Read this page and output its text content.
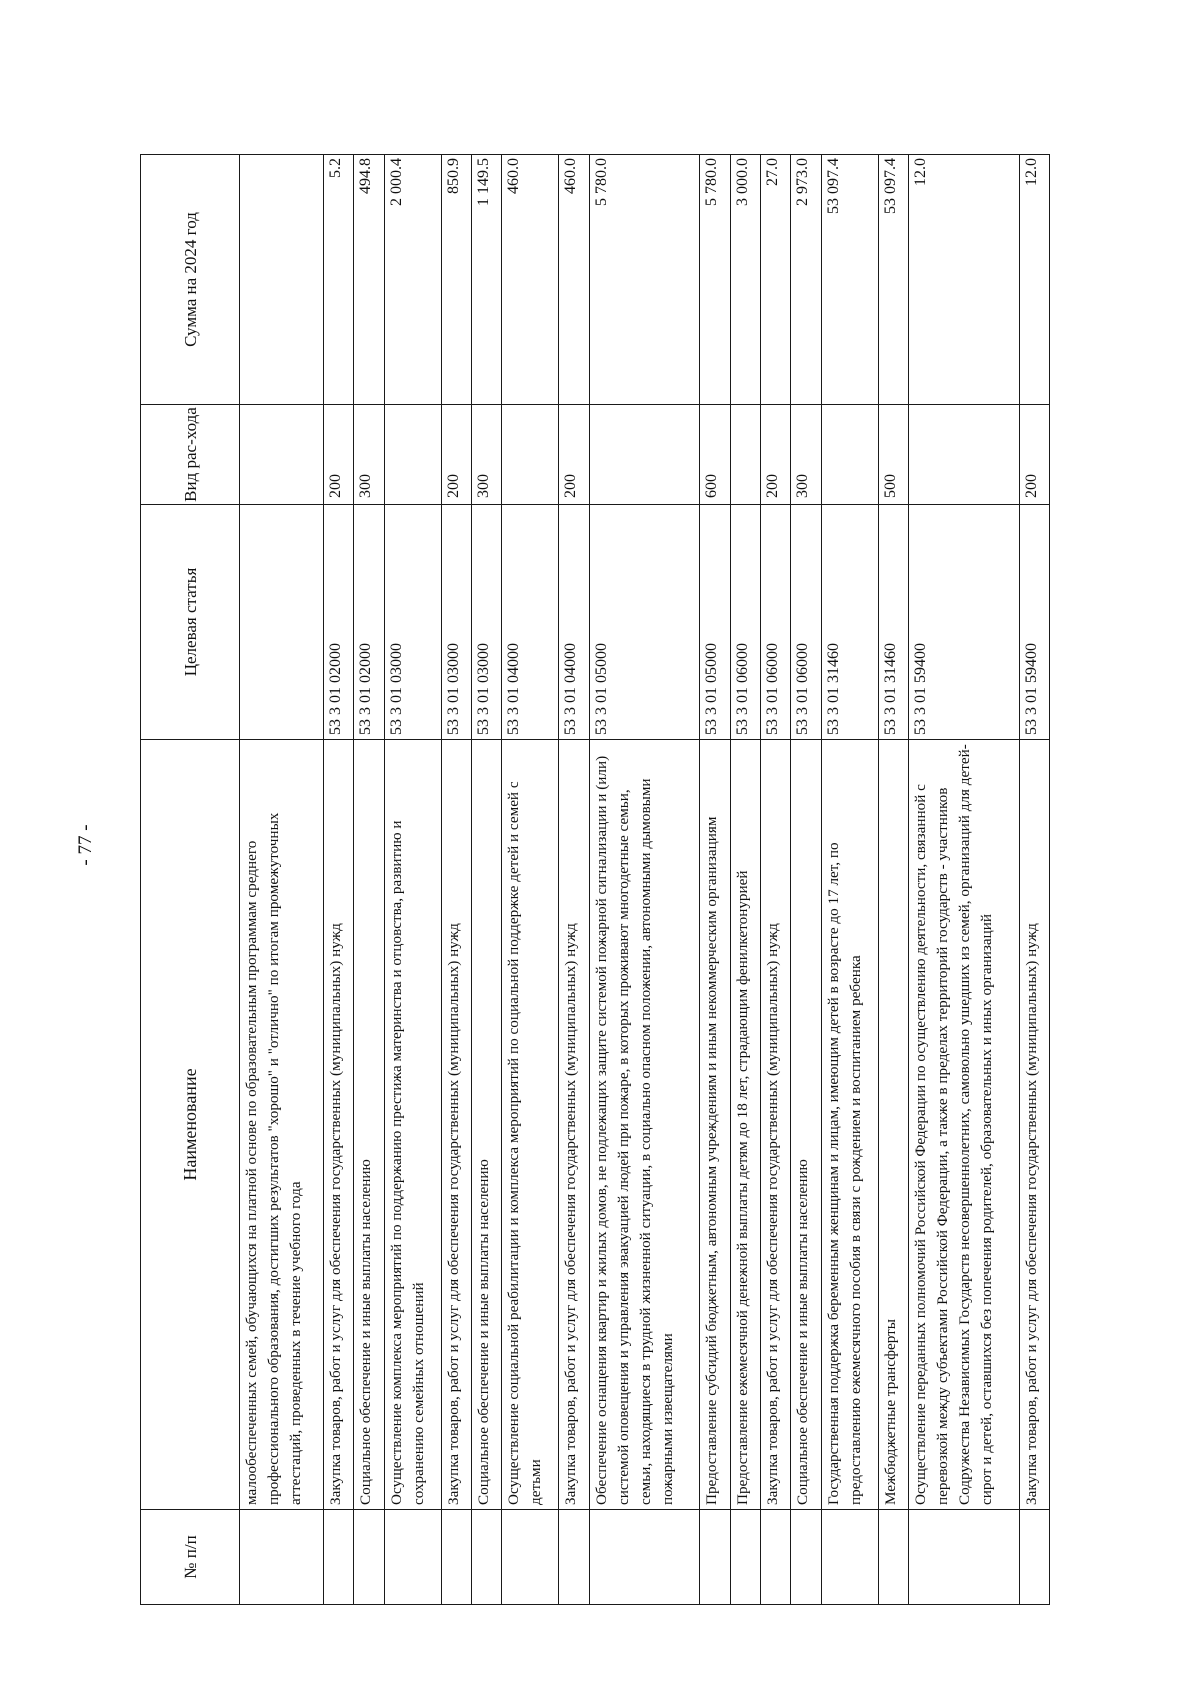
- 77 -
№ п/п	Наименование	Целевая статья	Вид рас-хода	Сумма на 2024 год
	малообеспеченных семей, обучающихся на платной основе по образовательным программам среднего профессионального образования, достигших результатов "хорошо" и "отлично" по итогам промежуточных аттестаций, проведенных в течение учебного года			
	Закупка товаров, работ и услуг для обеспечения государственных (муниципальных) нужд	53 3 01 02000	200	5.2
	Социальное обеспечение и иные выплаты населению	53 3 01 02000	300	494.8
	Осуществление комплекса мероприятий по поддержанию престижа материнства и отцовства, развитию и сохранению семейных отношений	53 3 01 03000		2 000.4
	Закупка товаров, работ и услуг для обеспечения государственных (муниципальных) нужд	53 3 01 03000	200	850.9
	Социальное обеспечение и иные выплаты населению	53 3 01 03000	300	1 149.5
	Осуществление социальной реабилитации и комплекса мероприятий по социальной поддержке детей и семей с детьми	53 3 01 04000		460.0
	Закупка товаров, работ и услуг для обеспечения государственных (муниципальных) нужд	53 3 01 04000	200	460.0
	Обеспечение оснащения квартир и жилых домов, не подлежащих защите системой пожарной сигнализации и (или) системой оповещения и управления эвакуацией людей при пожаре, в которых проживают многодетные семьи, семьи, находящиеся в трудной жизненной ситуации, в социально опасном положении, автономными дымовыми пожарными извещателями	53 3 01 05000		5 780.0
	Предоставление субсидий бюджетным, автономным учреждениям и иным некоммерческим организациям	53 3 01 05000	600	5 780.0
	Предоставление ежемесячной денежной выплаты детям до 18 лет, страдающим фенилкетонурией	53 3 01 06000		3 000.0
	Закупка товаров, работ и услуг для обеспечения государственных (муниципальных) нужд	53 3 01 06000	200	27.0
	Социальное обеспечение и иные выплаты населению	53 3 01 06000	300	2 973.0
	Государственная поддержка беременным женщинам и лицам, имеющим детей в возрасте до 17 лет, по предоставлению ежемесячного пособия в связи с рождением и воспитанием ребенка	53 3 01 31460		53 097.4
	Межбюджетные трансферты	53 3 01 31460	500	53 097.4
	Осуществление переданных полномочий Российской Федерации по осуществлению деятельности, связанной с перевозкой между субъектами Российской Федерации, а также в пределах территорий государств - участников Содружества Независимых Государств несовершеннолетних, самовольно ушедших из семей, организаций для детей-сирот и детей, оставшихся без попечения родителей, образовательных и иных организаций	53 3 01 59400		12.0
	Закупка товаров, работ и услуг для обеспечения государственных (муниципальных) нужд	53 3 01 59400	200	12.0
